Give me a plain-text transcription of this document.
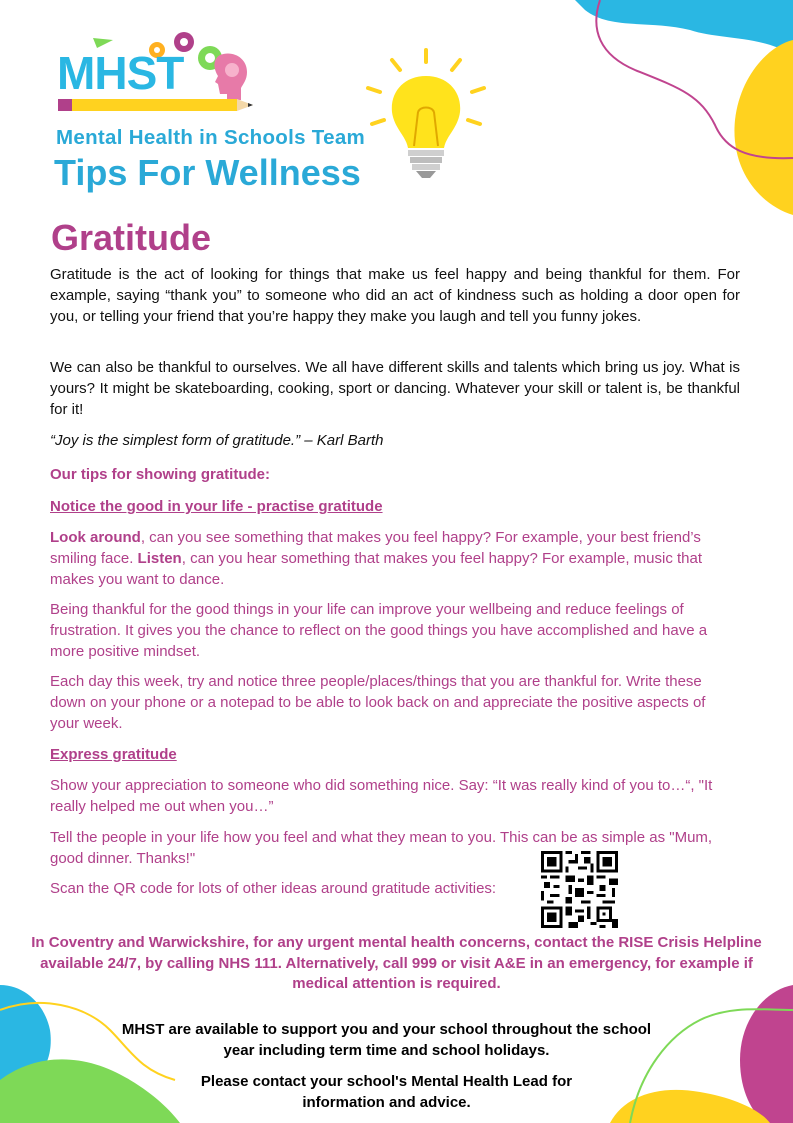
MHST
Mental Health in Schools Team
Tips For Wellness
Gratitude
Gratitude is the act of looking for things that make us feel happy and being thankful for them. For example, saying “thank you” to someone who did an act of kindness such as holding a door open for you, or telling your friend that you’re happy they make you laugh and tell you funny jokes.
We can also be thankful to ourselves. We all have different skills and talents which bring us joy. What is yours? It might be skateboarding, cooking, sport or dancing. Whatever your skill or talent is, be thankful for it!
“Joy is the simplest form of gratitude.” – Karl Barth
Our tips for showing gratitude:
Notice the good in your life - practise gratitude
Look around, can you see something that makes you feel happy? For example, your best friend’s smiling face. Listen, can you hear something that makes you feel happy? For example, music that makes you want to dance.
Being thankful for the good things in your life can improve your wellbeing and reduce feelings of frustration. It gives you the chance to reflect on the good things you have accomplished and have a more positive mindset.
Each day this week, try and notice three people/places/things that you are thankful for. Write these down on your phone or a notepad to be able to look back on and appreciate the positive aspects of your week.
Express gratitude
Show your appreciation to someone who did something nice. Say: “It was really kind of you to…“, "It really helped me out when you…”
Tell the people in your life how you feel and what they mean to you. This can be as simple as "Mum, good dinner. Thanks!"
Scan the QR code for lots of other ideas around gratitude activities:
In Coventry and Warwickshire, for any urgent mental health concerns, contact the RISE Crisis Helpline available 24/7, by calling NHS 111. Alternatively, call 999 or visit A&E in an emergency, for example if medical attention is required.
MHST are available to support you and your school throughout the school year including term time and school holidays.
Please contact your school's Mental Health Lead for information and advice.
